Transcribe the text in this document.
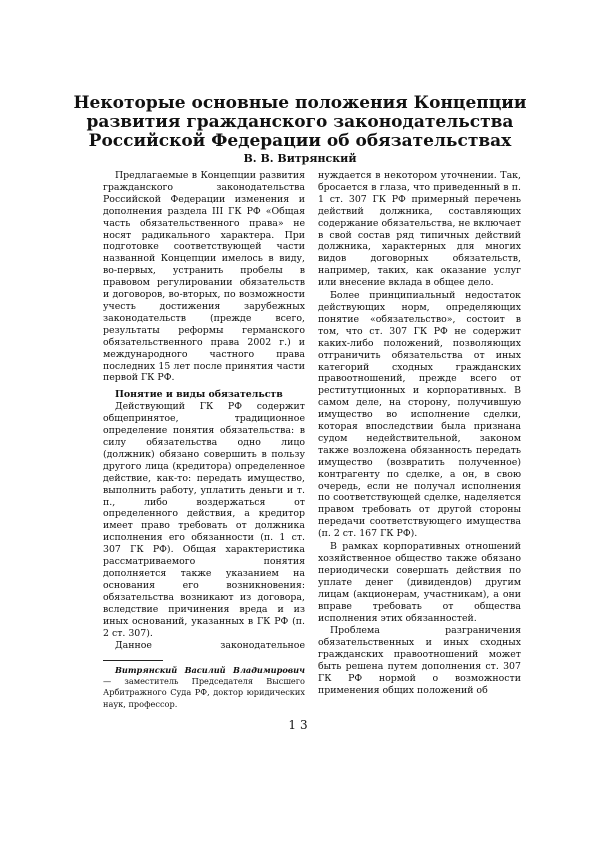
Некоторые основные положения Концепции
развития гражданского законодательства
Российской Федерации об обязательствах

В. В. Витрянский

Предлагаемые в Концепции развития гражданского законодательства Российской Федерации изменения и дополнения раздела III ГК РФ «Общая часть обязательственного права» не носят радикального характера. При подготовке соответствующей части названной Концепции имелось в виду, во-первых, устранить пробелы в правовом регулировании обязательств и договоров, во-вторых, по возможности учесть достижения зарубежных законодательств (прежде всего, результаты реформы германского обязательственного права 2002 г.) и международного частного права последних 15 лет после принятия части первой ГК РФ.

Понятие и виды обязательств

Действующий ГК РФ содержит общепринятое, традиционное определение понятия обязательства: в силу обязательства одно лицо (должник) обязано совершить в пользу другого лица (кредитора) определенное действие, как-то: передать имущество, выполнить работу, уплатить деньги и т. п., либо воздержаться от определенного действия, а кредитор имеет право требовать от должника исполнения его обязанности (п. 1 ст. 307 ГК РФ). Общая характеристика рассматриваемого понятия дополняется также указанием на основания его возникновения: обязательства возникают из договора, вследствие причинения вреда и из иных оснований, указанных в ГК РФ (п. 2 ст. 307).

Данное законодательное

нуждается в некотором уточнении. Так, бросается в глаза, что приведенный в п. 1 ст. 307 ГК РФ примерный перечень действий должника, составляющих содержание обязательства, не включает в свой состав ряд типичных действий должника, характерных для многих видов договорных обязательств, например, таких, как оказание услуг или внесение вклада в общее дело.

Более принципиальный недостаток действующих норм, определяющих понятие «обязательство», состоит в том, что ст. 307 ГК РФ не содержит каких-либо положений, позволяющих отграничить обязательства от иных категорий сходных гражданских правоотношений, прежде всего от реститутционных и корпоративных. В самом деле, на сторону, получившую имущество во исполнение сделки, которая впоследствии была признана судом недействительной, законом также возложена обязанность передать имущество (возвратить полученное) контрагенту по сделке, а он, в свою очередь, если не получал исполнения по соответствующей сделке, наделяется правом требовать от другой стороны передачи соответствующего имущества (п. 2 ст. 167 ГК РФ).

В рамках корпоративных отношений хозяйственное общество также обязано периодически совершать действия по уплате денег (дивидендов) другим лицам (акционерам, участникам), а они вправе требовать от общества исполнения этих обязанностей.

Проблема разграничения обязательственных и иных сходных гражданских правоотношений может быть решена путем дополнения ст. 307 ГК РФ нормой о возможности применения общих положений об

Витрянский Василий Владимирович — заместитель Председателя Высшего Арбитражного Суда РФ, доктор юридических наук, профессор.

13
